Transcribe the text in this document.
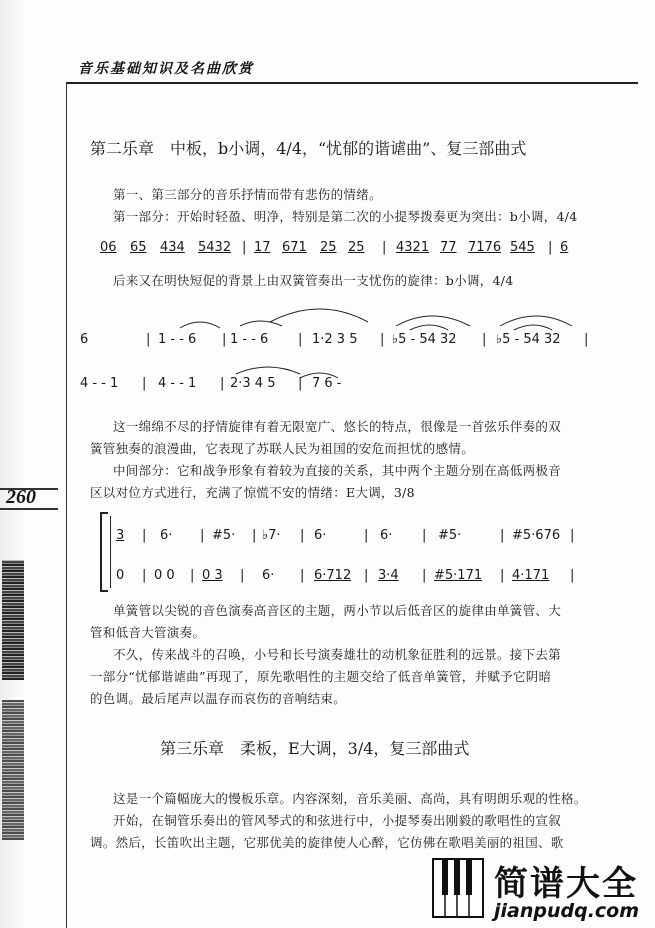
音乐基础知识及名曲欣赏
260
第二乐章　中板，b小调，4/4，“忧郁的谐谑曲”、复三部曲式
第一、第三部分的音乐抒情而带有悲伤的情绪。
第一部分：开始时轻盈、明净，特别是第二次的小提琴拨奏更为突出：b小调，4/4
06 65 434 5432 | 17 671 25 25 | 4321 77 7176 545 | 6
后来又在明快短促的背景上由双簧管奏出一支忧伤的旋律：b小调，4/4
6	| 1 - - 6 | 1 - - 6 | 1·2 3 5 | ♭5 - 54 32 | ♭5 - 54 32 |
4 - - 1 | 4 - - 1 | 2·3 4 5 | 7 6 -
这一绵绵不尽的抒情旋律有着无限宽广、悠长的特点，很像是一首弦乐伴奏的双
簧管独奏的浪漫曲，它表现了苏联人民为祖国的安危而担忧的感情。
中间部分：它和战争形象有着较为直接的关系，其中两个主题分别在高低两极音
区以对位方式进行，充满了惊慌不安的情绪：E大调，3/8
3 | 6· | #5· | ♭7· | 6·	| 6· | #5·	| #5·676 |
0 | 0 0 | 0 3 | 6· | 6·712 | 3·4 | #5·171 | 4·171 |
单簧管以尖锐的音色演奏高音区的主题，两小节以后低音区的旋律由单簧管、大
管和低音大管演奏。
不久，传来战斗的召唤，小号和长号演奏雄壮的动机象征胜利的远景。接下去第
一部分“忧郁谐谑曲”再现了，原先歌唱性的主题交给了低音单簧管，并赋予它阴暗
的色调。最后尾声以温存而哀伤的音响结束。
第三乐章　柔板，E大调，3/4，复三部曲式
这是一个篇幅庞大的慢板乐章。内容深刻，音乐美丽、高尚，具有明朗乐观的性格。
开始，在铜管乐奏出的管风琴式的和弦进行中，小提琴奏出刚毅的歌唱性的宣叙
调。然后，长笛吹出主题，它那优美的旋律使人心醉，它仿佛在歌唱美丽的祖国、歌
简谱大全
jianpudq.com
